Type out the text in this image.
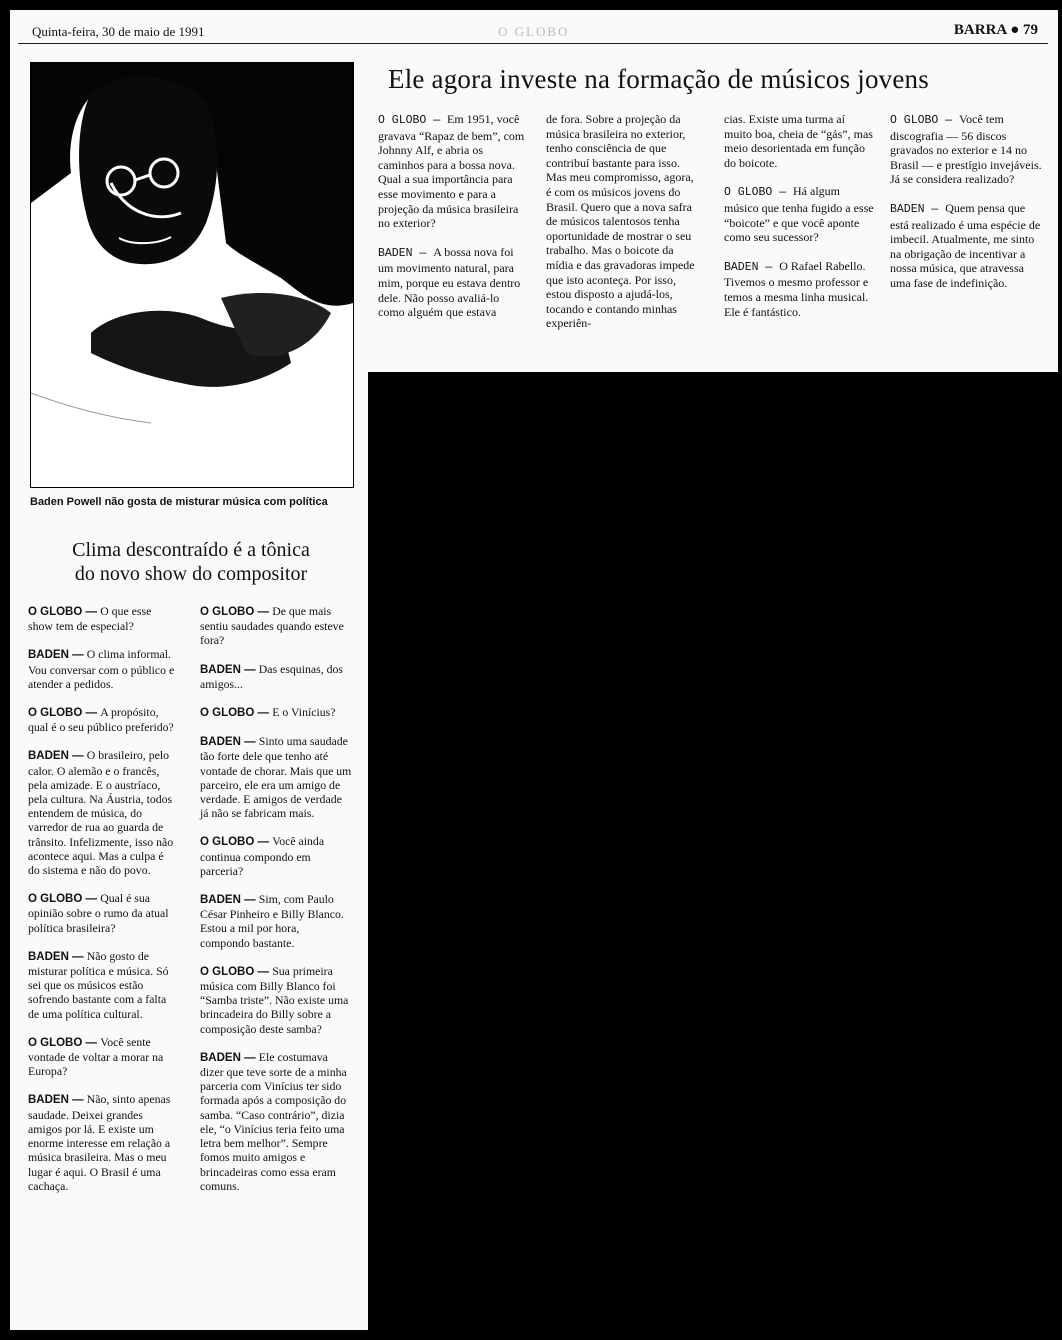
Quinta-feira, 30 de maio de 1991	O GLOBO	BARRA ● 79
Baden Powell não gosta de misturar música com política
Ele agora investe na formação de músicos jovens

O GLOBO — Em 1951, você gravava “Rapaz de bem”, com Johnny Alf, e abria os caminhos para a bossa nova. Qual a sua importância para esse movimento e para a projeção da música brasileira no exterior?

BADEN — A bossa nova foi um movimento natural, para mim, porque eu estava dentro dele. Não posso avaliá-lo como alguém que estava

de fora. Sobre a projeção da música brasileira no exterior, tenho consciência de que contribuí bastante para isso. Mas meu compromisso, agora, é com os músicos jovens do Brasil. Quero que a nova safra de músicos talentosos tenha oportunidade de mostrar o seu trabalho. Mas o boicote da mídia e das gravadoras impede que isto aconteça. Por isso, estou disposto a ajudá-los, tocando e contando minhas experiên-

cias. Existe uma turma aí muito boa, cheia de “gás”, mas meio desorientada em função do boicote.

O GLOBO — Há algum músico que tenha fugido a esse “boicote” e que você aponte como seu sucessor?

BADEN — O Rafael Rabello. Tivemos o mesmo professor e temos a mesma linha musical. Ele é fantástico.

O GLOBO — Você tem discografia — 56 discos gravados no exterior e 14 no Brasil — e prestígio invejáveis. Já se considera realizado?

BADEN — Quem pensa que está realizado é uma espécie de imbecil. Atualmente, me sinto na obrigação de incentivar a nossa música, que atravessa uma fase de indefinição.

Clima descontraído é a tônica
do novo show do compositor

O GLOBO — O que esse show tem de especial?

BADEN — O clima informal. Vou conversar com o público e atender a pedidos.

O GLOBO — A propósito, qual é o seu público preferido?

BADEN — O brasileiro, pelo calor. O alemão e o francês, pela amizade. E o austríaco, pela cultura. Na Áustria, todos entendem de música, do varredor de rua ao guarda de trânsito. Infelizmente, isso não acontece aqui. Mas a culpa é do sistema e não do povo.

O GLOBO — Qual é sua opinião sobre o rumo da atual política brasileira?

BADEN — Não gosto de misturar política e música. Só sei que os músicos estão sofrendo bastante com a falta de uma política cultural.

O GLOBO — Você sente vontade de voltar a morar na Europa?

BADEN — Não, sinto apenas saudade. Deixei grandes amigos por lá. E existe um enorme interesse em relação a música brasileira. Mas o meu lugar é aqui. O Brasil é uma cachaça.

O GLOBO — De que mais sentiu saudades quando esteve fora?

BADEN — Das esquinas, dos amigos...

O GLOBO — E o Vinícius?

BADEN — Sinto uma saudade tão forte dele que tenho até vontade de chorar. Mais que um parceiro, ele era um amigo de verdade. E amigos de verdade já não se fabricam mais.

O GLOBO — Você ainda continua compondo em parceria?

BADEN — Sim, com Paulo César Pinheiro e Billy Blanco. Estou a mil por hora, compondo bastante.

O GLOBO — Sua primeira música com Billy Blanco foi “Samba triste”. Não existe uma brincadeira do Billy sobre a composição deste samba?

BADEN — Ele costumava dizer que teve sorte de a minha parceria com Vinícius ter sido formada após a composição do samba. “Caso contrário”, dizia ele, “o Vinícius teria feito uma letra bem melhor”. Sempre fomos muito amigos e brincadeiras como essa eram comuns.
